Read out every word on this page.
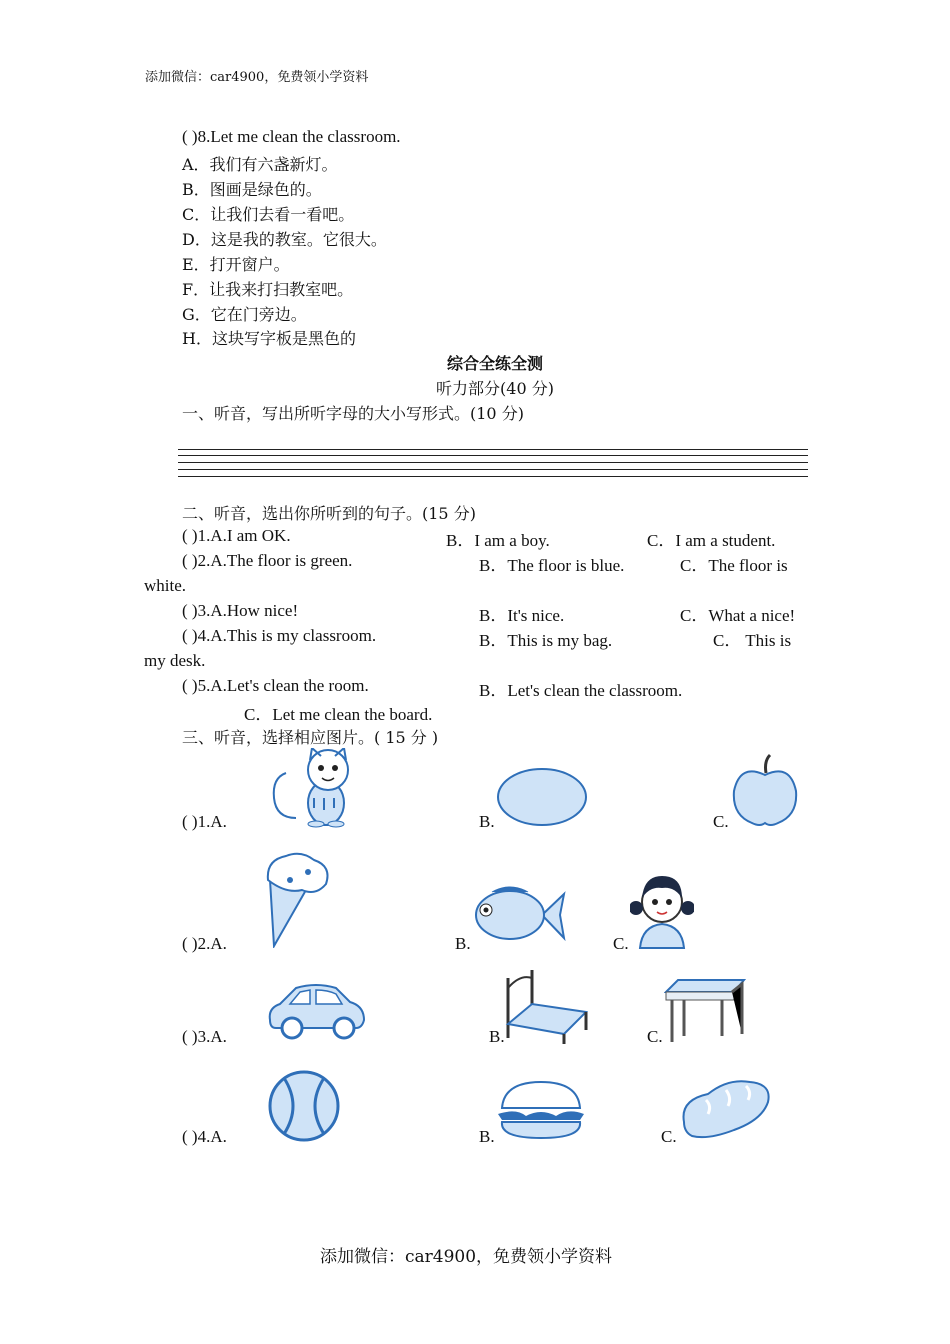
添加微信：car4900，免费领小学资料
( )8.Let me clean the classroom.
A．我们有六盏新灯。
B．图画是绿色的。
C．让我们去看一看吧。
D．这是我的教室。它很大。
E．打开窗户。
F．让我来打扫教室吧。
G．它在门旁边。
H．这块写字板是黑色的
综合全练全测
听力部分(40 分)
一、听音，写出所听字母的大小写形式。(10 分)
二、听音，选出你所听到的句子。(15 分)
( )1.A.I am OK.	B．I am a boy.	C．I am a student.
( )2.A.The floor is green.	B．The floor is blue.	C．The floor is
white.
( )3.A.How nice!	B．It's nice.	C．What a nice!
( )4.A.This is my classroom.	B．This is my bag.	C． This is
my desk.
( )5.A.Let's clean the room.	B．Let's clean the classroom.
C．Let me clean the board.
三、听音，选择相应图片。( 15 分 )
( )1.A.	B.	C.
( )2.A.	B.	C.
( )3.A.	B.	C.
( )4.A.	B.	C.
添加微信：car4900，免费领小学资料
